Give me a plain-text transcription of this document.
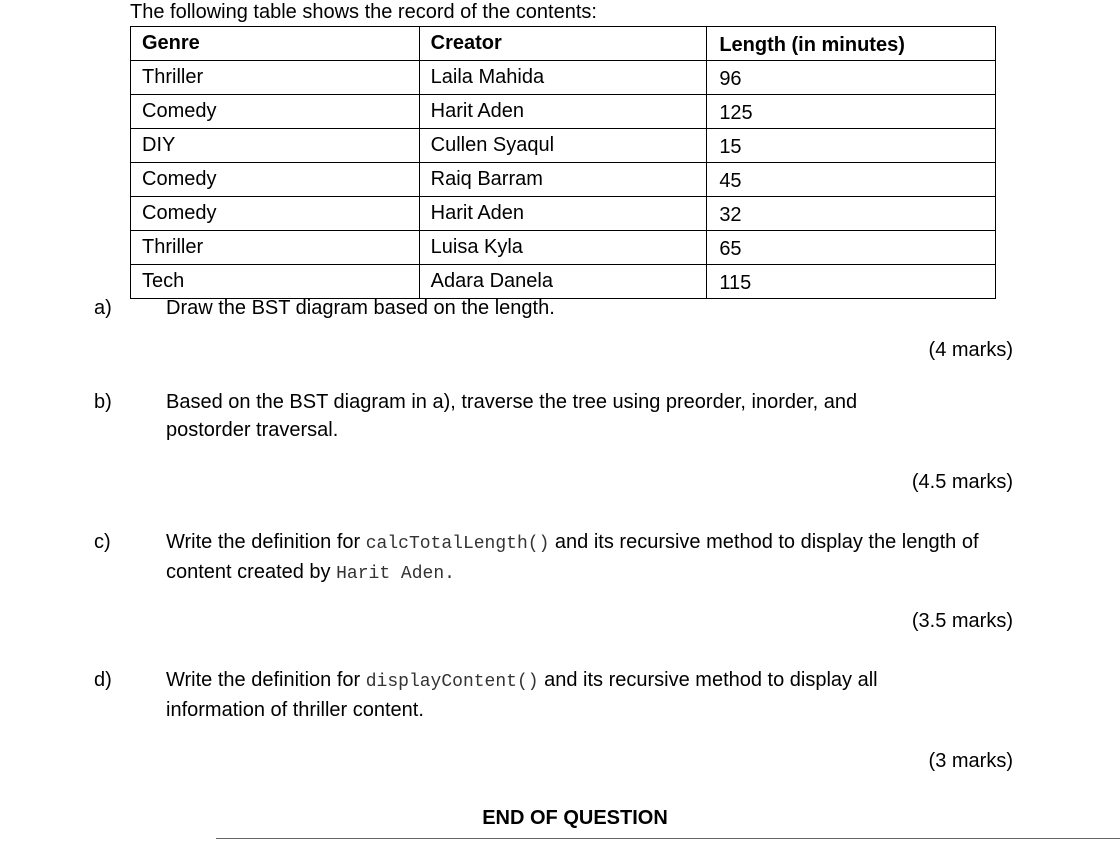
The following table shows the record of the contents:
Genre	Creator	Length (in minutes)
Thriller	Laila Mahida	96
Comedy	Harit Aden	125
DIY	Cullen Syaqul	15
Comedy	Raiq Barram	45
Comedy	Harit Aden	32
Thriller	Luisa Kyla	65
Tech	Adara Danela	115
a)	Draw the BST diagram based on the length.
(4 marks)
b)	Based on the BST diagram in a), traverse the tree using preorder, inorder, and postorder traversal.
(4.5 marks)
c)	Write the definition for calcTotalLength() and its recursive method to display the length of content created by Harit Aden.
(3.5 marks)
d)	Write the definition for displayContent() and its recursive method to display all information of thriller content.
(3 marks)
END OF QUESTION
